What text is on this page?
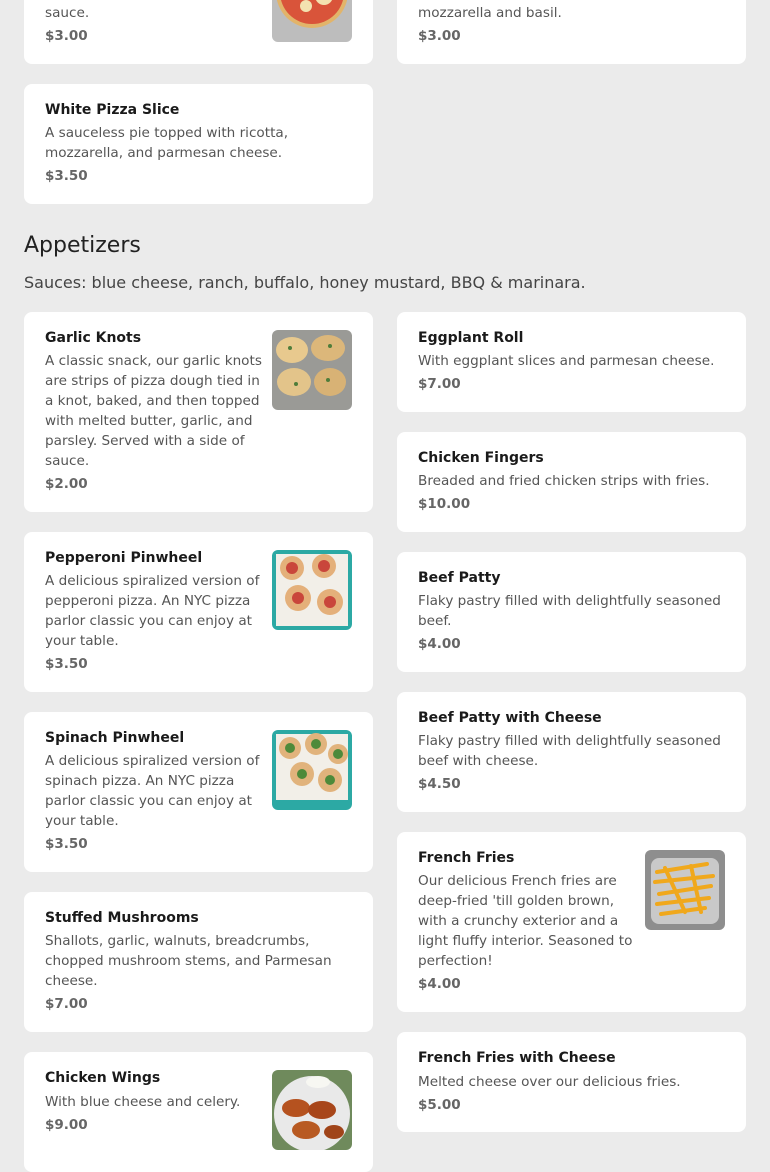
sauce.
$3.00
mozzarella and basil.
$3.00
White Pizza Slice
A sauceless pie topped with ricotta, mozzarella, and parmesan cheese.
$3.50
Appetizers

Sauces: blue cheese, ranch, buffalo, honey mustard, BBQ & marinara.

Garlic Knots
A classic snack, our garlic knots are strips of pizza dough tied in a knot, baked, and then topped with melted butter, garlic, and parsley. Served with a side of sauce.
$2.00
Pepperoni Pinwheel
A delicious spiralized version of pepperoni pizza. An NYC pizza parlor classic you can enjoy at your table.
$3.50
Spinach Pinwheel
A delicious spiralized version of spinach pizza. An NYC pizza parlor classic you can enjoy at your table.
$3.50
Stuffed Mushrooms
Shallots, garlic, walnuts, breadcrumbs, chopped mushroom stems, and Parmesan cheese.
$7.00
Chicken Wings
With blue cheese and celery.
$9.00
Eggplant Roll
With eggplant slices and parmesan cheese.
$7.00
Chicken Fingers
Breaded and fried chicken strips with fries.
$10.00
Beef Patty
Flaky pastry filled with delightfully seasoned beef.
$4.00
Beef Patty with Cheese
Flaky pastry filled with delightfully seasoned beef with cheese.
$4.50
French Fries
Our delicious French fries are deep-fried 'till golden brown, with a crunchy exterior and a light fluffy interior. Seasoned to perfection!
$4.00
French Fries with Cheese
Melted cheese over our delicious fries.
$5.00
